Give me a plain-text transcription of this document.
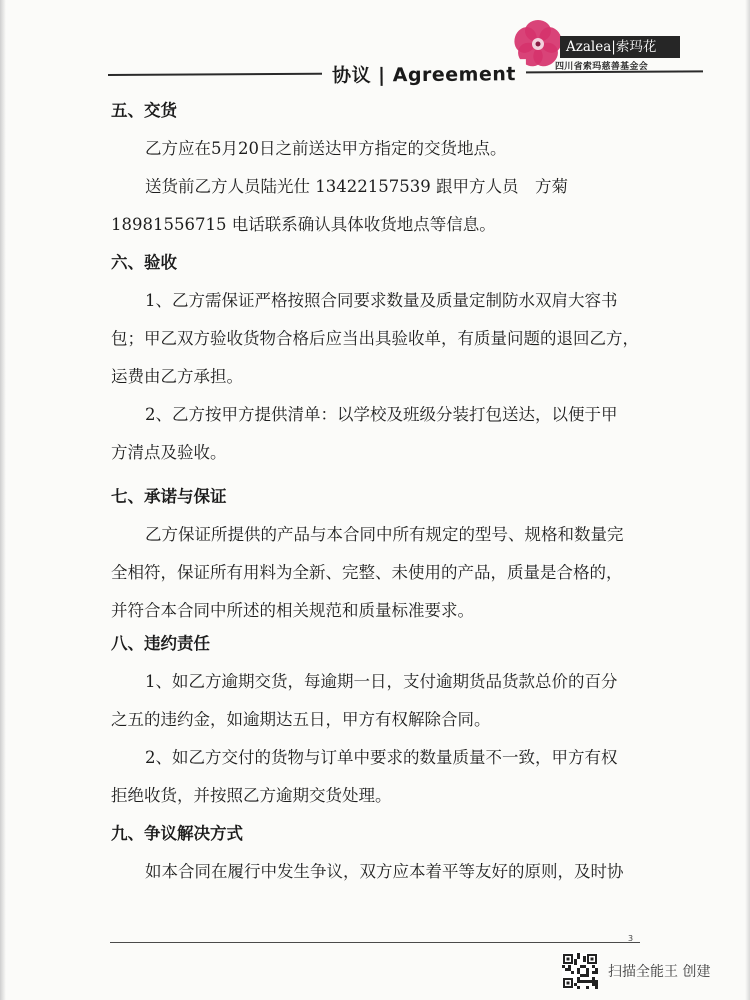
Azalea|索玛花
四川省索玛慈善基金会
协议 | Agreement
五、交货
乙方应在5月20日之前送达甲方指定的交货地点。
送货前乙方人员陆光仕 13422157539 跟甲方人员　方菊
18981556715 电话联系确认具体收货地点等信息。
六、验收
1、乙方需保证严格按照合同要求数量及质量定制防水双肩大容书
包；甲乙双方验收货物合格后应当出具验收单，有质量问题的退回乙方，
运费由乙方承担。
2、乙方按甲方提供清单：以学校及班级分装打包送达，以便于甲
方清点及验收。
七、承诺与保证
乙方保证所提供的产品与本合同中所有规定的型号、规格和数量完
全相符，保证所有用料为全新、完整、未使用的产品，质量是合格的，
并符合本合同中所述的相关规范和质量标准要求。
八、违约责任
1、如乙方逾期交货，每逾期一日，支付逾期货品货款总价的百分
之五的违约金，如逾期达五日，甲方有权解除合同。
2、如乙方交付的货物与订单中要求的数量质量不一致，甲方有权
拒绝收货，并按照乙方逾期交货处理。
九、争议解决方式
如本合同在履行中发生争议，双方应本着平等友好的原则，及时协
3
扫描全能王 创建
